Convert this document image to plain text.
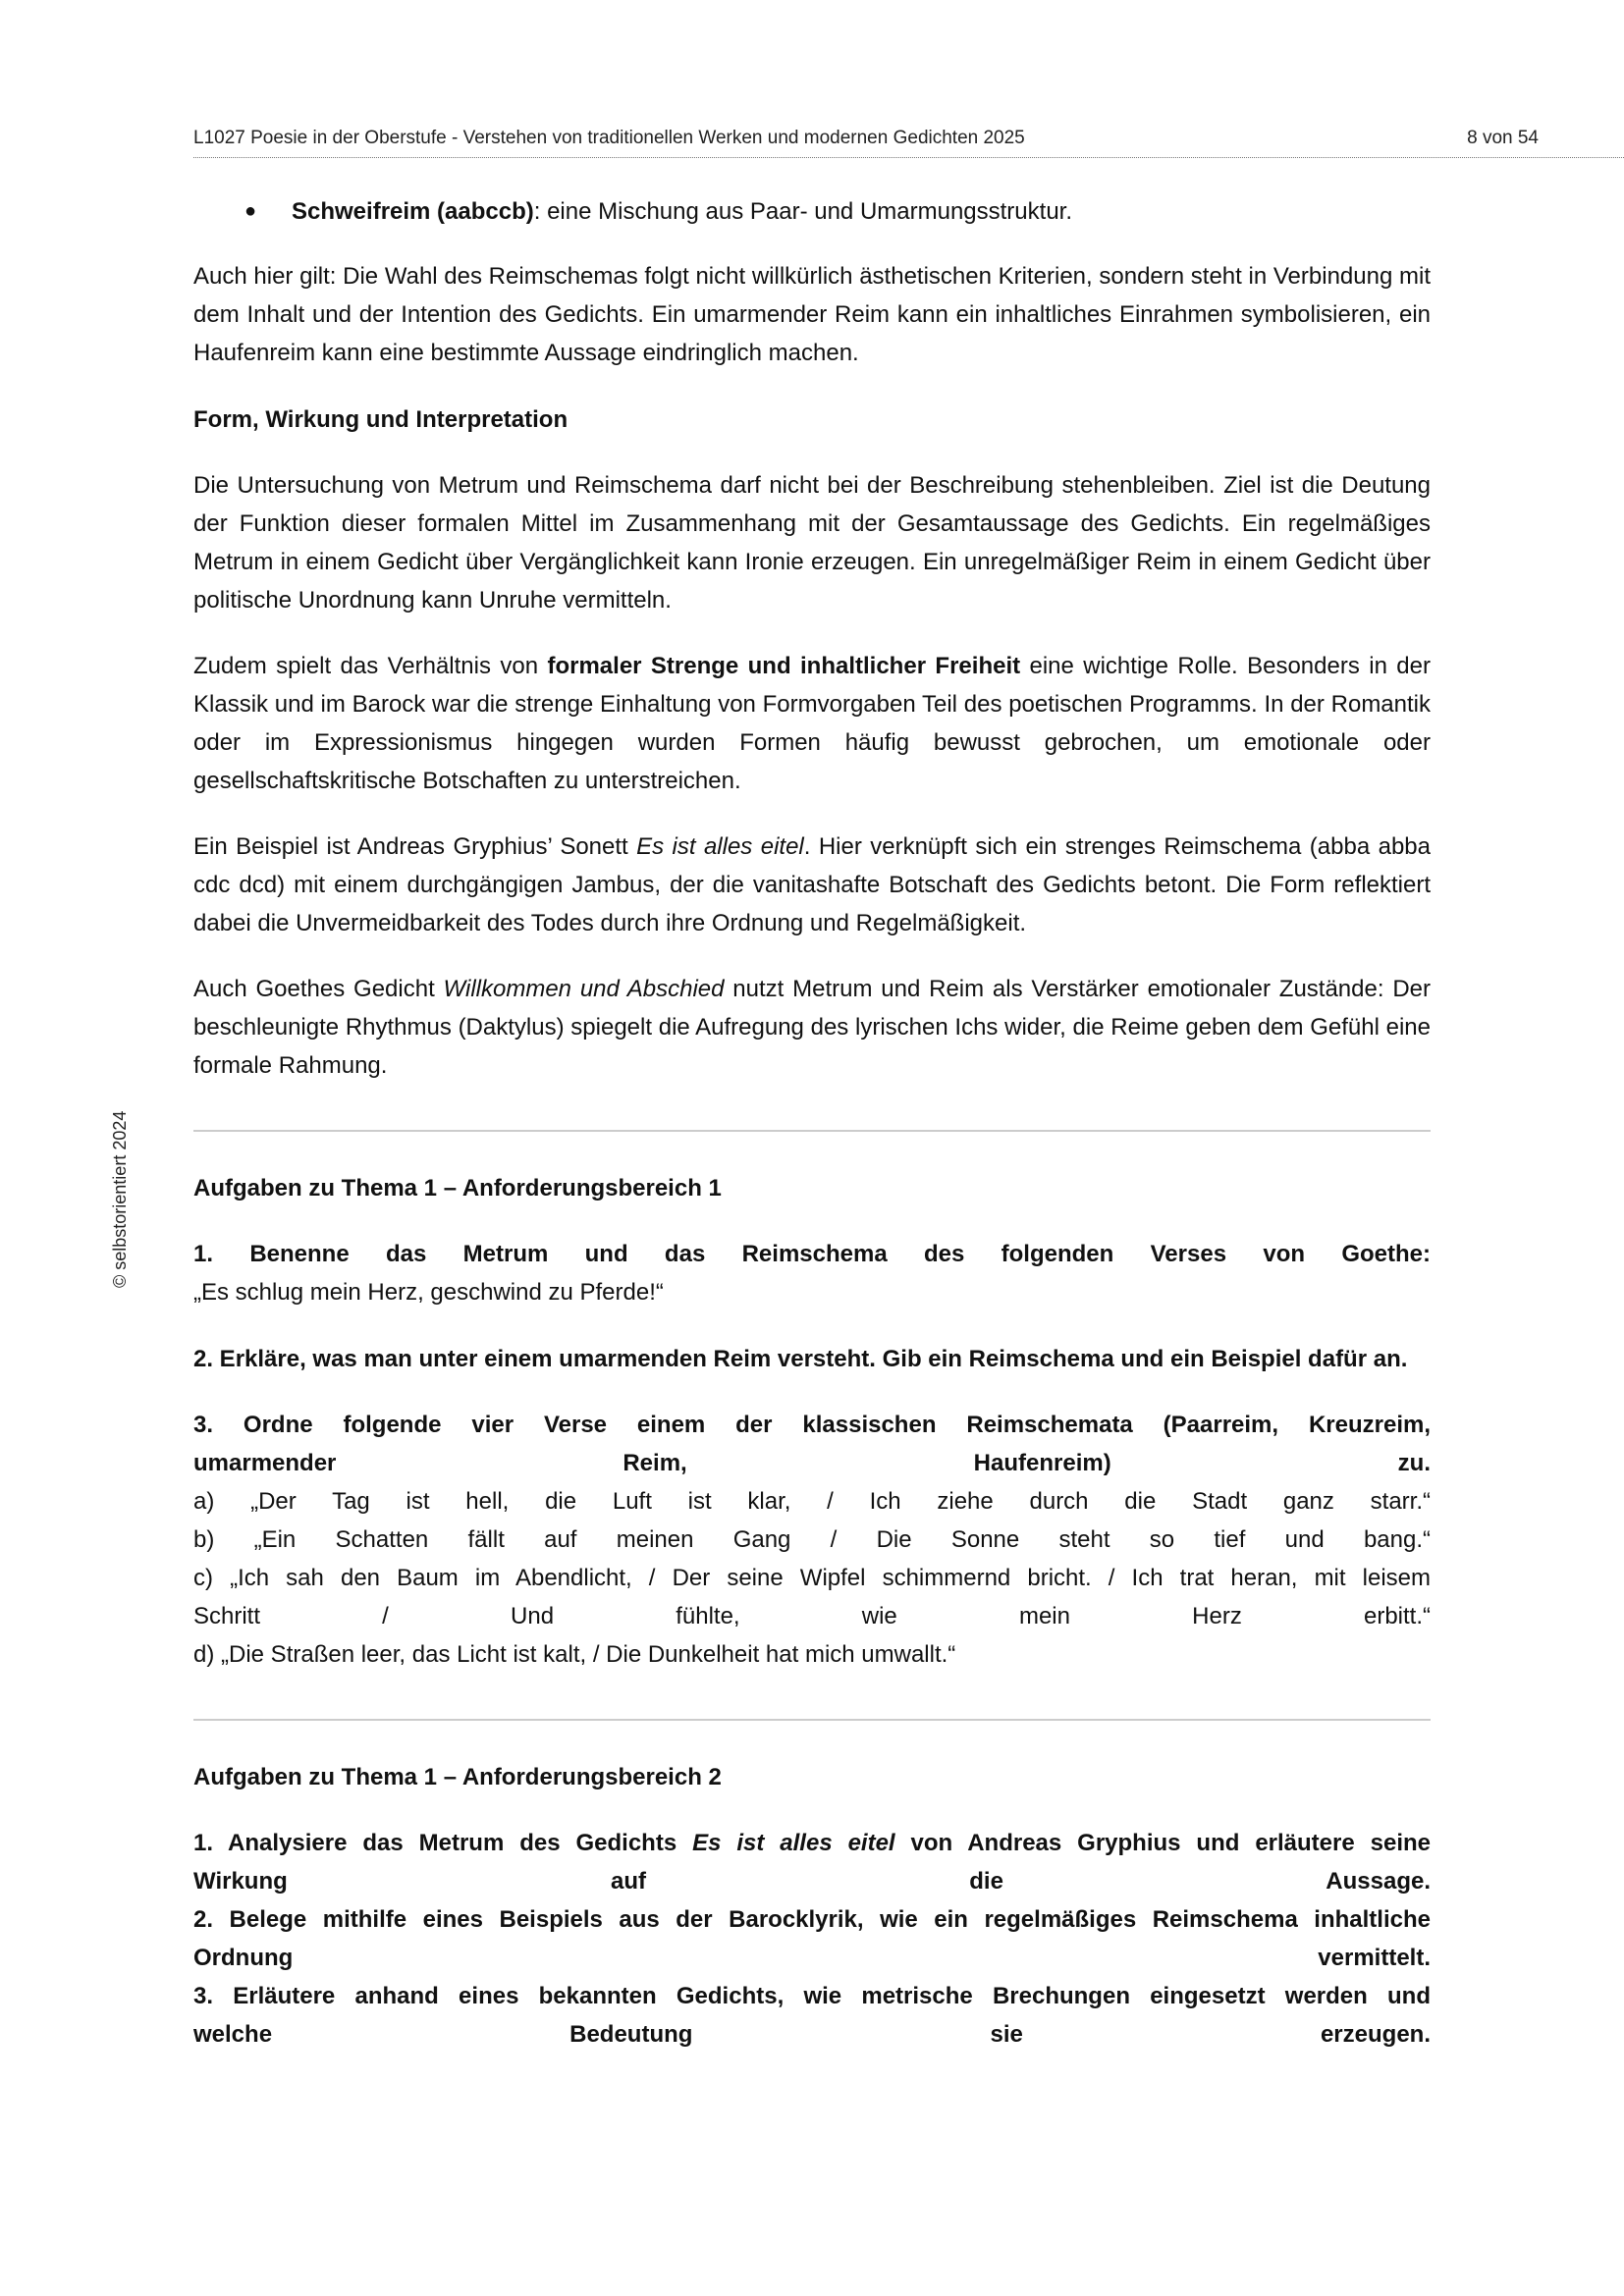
L1027 Poesie in der Oberstufe - Verstehen von traditionellen Werken und modernen Gedichten 2025	8 von 54
© selbstorientiert 2024
● Schweifreim (aabccb): eine Mischung aus Paar- und Umarmungsstruktur.

Auch hier gilt: Die Wahl des Reimschemas folgt nicht willkürlich ästhetischen Kriterien, sondern steht in Verbindung mit dem Inhalt und der Intention des Gedichts. Ein umarmender Reim kann ein inhaltliches Einrahmen symbolisieren, ein Haufenreim kann eine bestimmte Aussage eindringlich machen.

Form, Wirkung und Interpretation

Die Untersuchung von Metrum und Reimschema darf nicht bei der Beschreibung stehenbleiben. Ziel ist die Deutung der Funktion dieser formalen Mittel im Zusammenhang mit der Gesamtaussage des Gedichts. Ein regelmäßiges Metrum in einem Gedicht über Vergänglichkeit kann Ironie erzeugen. Ein unregelmäßiger Reim in einem Gedicht über politische Unordnung kann Unruhe vermitteln.

Zudem spielt das Verhältnis von formaler Strenge und inhaltlicher Freiheit eine wichtige Rolle. Besonders in der Klassik und im Barock war die strenge Einhaltung von Formvorgaben Teil des poetischen Programms. In der Romantik oder im Expressionismus hingegen wurden Formen häufig bewusst gebrochen, um emotionale oder gesellschaftskritische Botschaften zu unterstreichen.

Ein Beispiel ist Andreas Gryphius’ Sonett Es ist alles eitel. Hier verknüpft sich ein strenges Reimschema (abba abba cdc dcd) mit einem durchgängigen Jambus, der die vanitashafte Botschaft des Gedichts betont. Die Form reflektiert dabei die Unvermeidbarkeit des Todes durch ihre Ordnung und Regelmäßigkeit.

Auch Goethes Gedicht Willkommen und Abschied nutzt Metrum und Reim als Verstärker emotionaler Zustände: Der beschleunigte Rhythmus (Daktylus) spiegelt die Aufregung des lyrischen Ichs wider, die Reime geben dem Gefühl eine formale Rahmung.

Aufgaben zu Thema 1 – Anforderungsbereich 1

1. Benenne das Metrum und das Reimschema des folgenden Verses von Goethe:
„Es schlug mein Herz, geschwind zu Pferde!“

2. Erkläre, was man unter einem umarmenden Reim versteht. Gib ein Reimschema und ein Beispiel dafür an.

3. Ordne folgende vier Verse einem der klassischen Reimschemata (Paarreim, Kreuzreim,
umarmender Reim, Haufenreim) zu.
a) „Der Tag ist hell, die Luft ist klar, / Ich ziehe durch die Stadt ganz starr.“
b) „Ein Schatten fällt auf meinen Gang / Die Sonne steht so tief und bang.“
c) „Ich sah den Baum im Abendlicht, / Der seine Wipfel schimmernd bricht. / Ich trat heran, mit leisem
Schritt / Und fühlte, wie mein Herz erbitt.“
d) „Die Straßen leer, das Licht ist kalt, / Die Dunkelheit hat mich umwallt.“

Aufgaben zu Thema 1 – Anforderungsbereich 2

1. Analysiere das Metrum des Gedichts Es ist alles eitel von Andreas Gryphius und erläutere seine
Wirkung auf die Aussage.
2. Belege mithilfe eines Beispiels aus der Barocklyrik, wie ein regelmäßiges Reimschema inhaltliche
Ordnung vermittelt.
3. Erläutere anhand eines bekannten Gedichts, wie metrische Brechungen eingesetzt werden und
welche Bedeutung sie erzeugen.
